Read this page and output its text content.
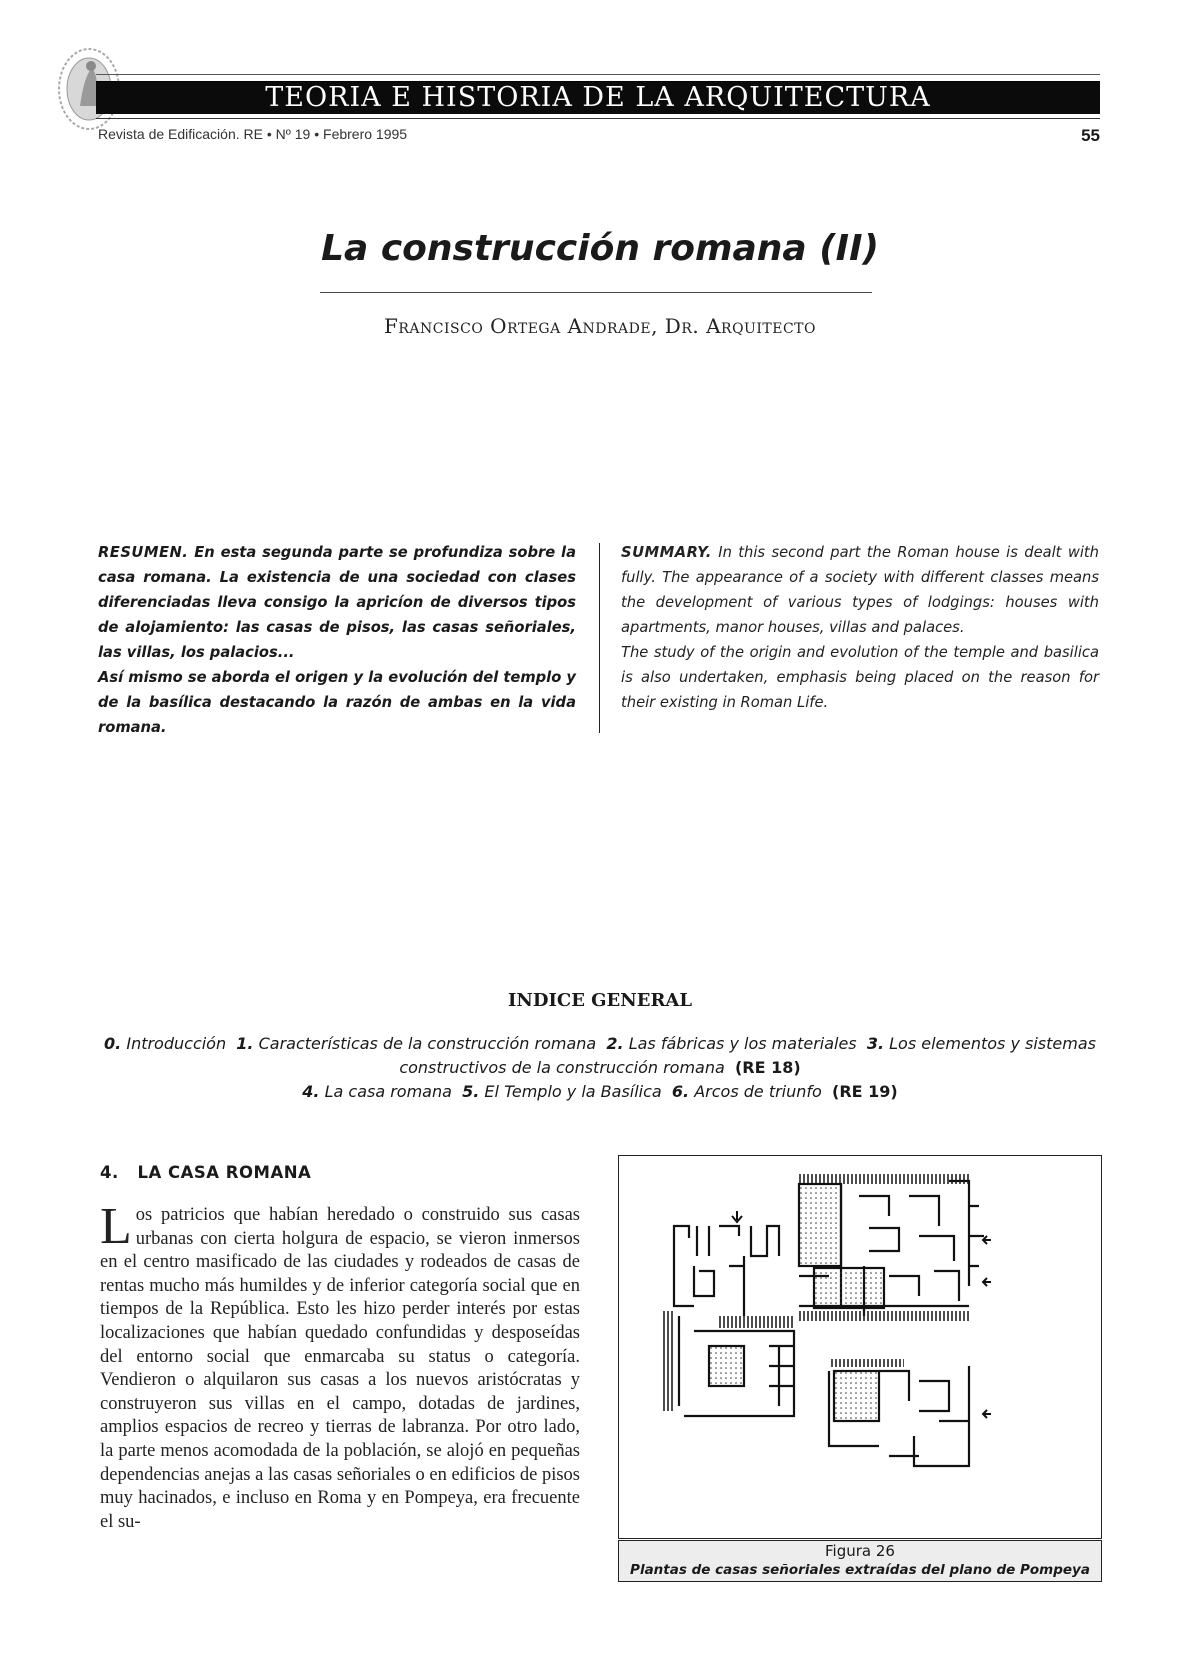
TEORIA E HISTORIA DE LA ARQUITECTURA
Revista de Edificación. RE • Nº 19 • Febrero 1995	55
La construcción romana (II)
Francisco Ortega Andrade, Dr. Arquitecto

RESUMEN. En esta segunda parte se profundiza sobre la casa romana. La existencia de una sociedad con clases diferenciadas lleva consigo la apricíon de diversos tipos de alojamiento: las casas de pisos, las casas señoriales, las villas, los palacios...

Así mismo se aborda el origen y la evolución del templo y de la basílica destacando la razón de ambas en la vida romana.

SUMMARY. In this second part the Roman house is dealt with fully. The appearance of a society with different classes means the development of various types of lodgings: houses with apartments, manor houses, villas and palaces.

The study of the origin and evolution of the temple and basilica is also undertaken, emphasis being placed on the reason for their existing in Roman Life.

INDICE GENERAL
0. Introducción 1. Características de la construcción romana 2. Las fábricas y los materiales 3. Los elementos y sistemas constructivos de la construcción romana (RE 18)
4. La casa romana 5. El Templo y la Basílica 6. Arcos de triunfo (RE 19)
4.   LA CASA ROMANA
Los patricios que habían heredado o construido sus casas urbanas con cierta holgura de espacio, se vieron inmersos en el centro masificado de las ciudades y rodeados de casas de rentas mucho más humildes y de inferior categoría social que en tiempos de la República. Esto les hizo perder interés por estas localizaciones que habían quedado confundidas y desposeídas del entorno social que enmarcaba su status o categoría. Vendieron o alquilaron sus casas a los nuevos aristócratas y construyeron sus villas en el campo, dotadas de jardines, amplios espacios de recreo y tierras de labranza. Por otro lado, la parte menos acomodada de la población, se alojó en pequeñas dependencias anejas a las casas señoriales o en edificios de pisos muy hacinados, e incluso en Roma y en Pompeya, era frecuente el su-
Figura 26
Plantas de casas señoriales extraídas del plano de Pompeya
